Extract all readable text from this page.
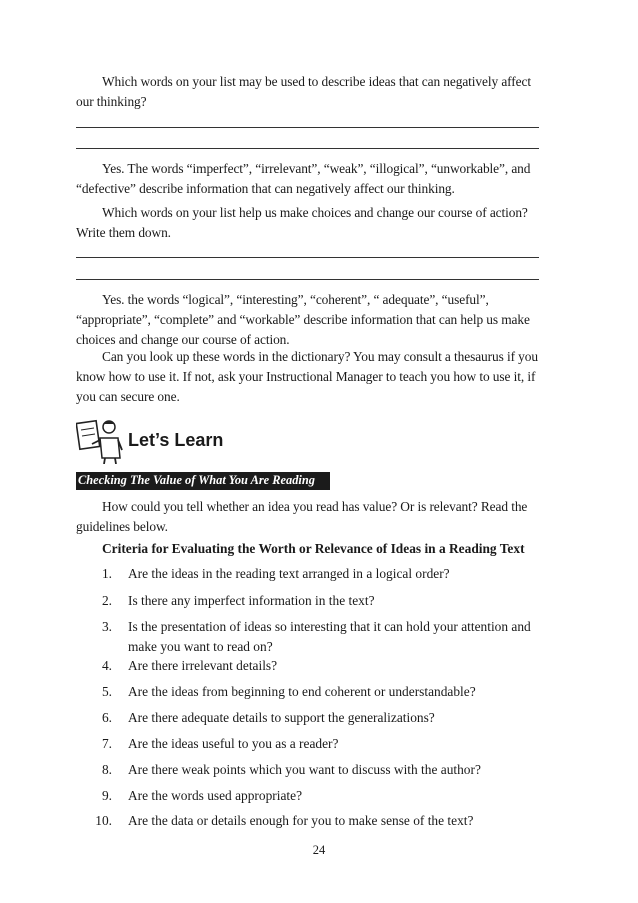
Which words on your list may be used to describe ideas that can negatively affect our thinking?

Yes. The words “imperfect”, “irrelevant”, “weak”, “illogical”, “unworkable”, and “defective” describe information that can negatively affect our thinking.

Which words on your list help us make choices and change our course of action? Write them down.

Yes. the words “logical”, “interesting”, “coherent”, “ adequate”, “useful”, “appropriate”, “complete” and “workable” describe information that can help us make choices and change our course of action.

Can you look up these words in the dictionary? You may consult a thesaurus if you know how to use it. If not, ask your Instructional Manager to teach you how to use it, if you can secure one.

Let’s Learn
Checking The Value of What You Are Reading

How could you tell whether an idea you read has value? Or is relevant? Read the guidelines below.

Criteria for Evaluating the Worth or Relevance of Ideas in a Reading Text
1. Are the ideas in the reading text arranged in a logical order?
2. Is there any imperfect information in the text?
3. Is the presentation of ideas so interesting that it can hold your attention and make you want to read on?
4. Are there irrelevant details?
5. Are the ideas from beginning to end coherent or understandable?
6. Are there adequate details to support the generalizations?
7. Are the ideas useful to you as a reader?
8. Are there weak points which you want to discuss with the author?
9. Are the words used appropriate?
10. Are the data or details enough for you to make sense of the text?
24
